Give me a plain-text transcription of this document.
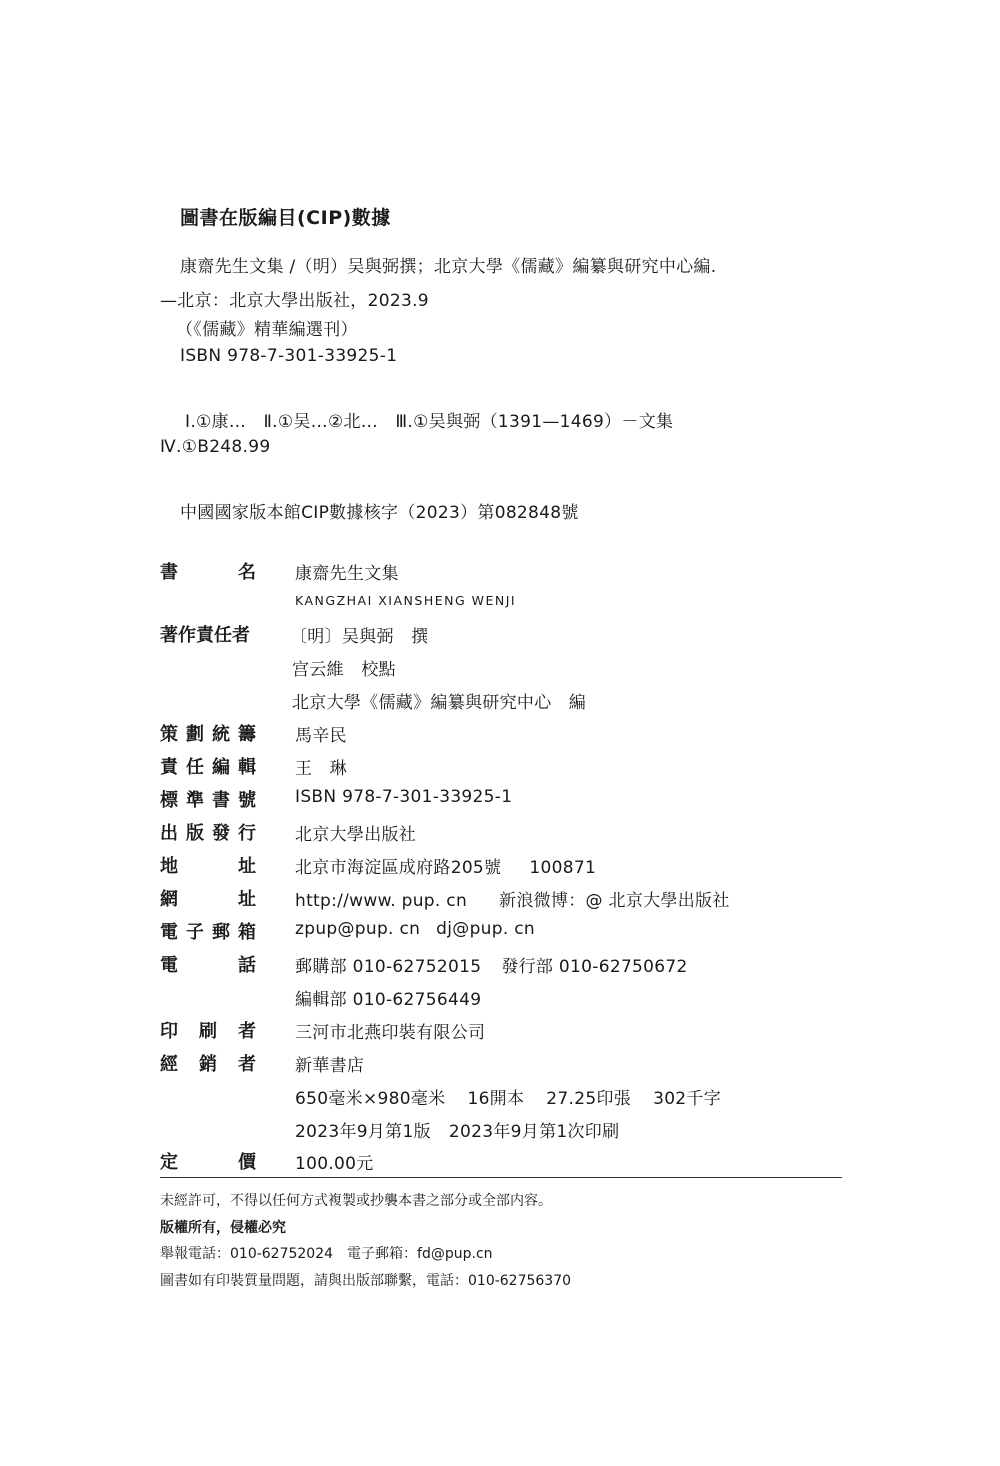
圖書在版編目(CIP)數據
康齋先生文集 /（明）吴與弼撰；北京大學《儒藏》編纂與研究中心編.
—北京：北京大學出版社，2023.9
（《儒藏》精華編選刊）
ISBN 978-7-301-33925-1
Ⅰ.①康…　Ⅱ.①吴…②北…　Ⅲ.①吴與弼（1391—1469）－文集
Ⅳ.①B248.99
中國國家版本館CIP數據核字（2023）第082848號
書	名 康齋先生文集
KANGZHAI XIANSHENG WENJI
著作責任者	〔明〕吴與弼　撰
宫云維　校點
北京大學《儒藏》編纂與研究中心　編
策 劃 統 籌 馬辛民
責 任 編 輯 王　琳
標 準 書 號 ISBN 978-7-301-33925-1
出 版 發 行 北京大學出版社
地	址 北京市海淀區成府路205號 100871
網	址 http://www. pup. cn 新浪微博：@ 北京大學出版社
電 子 郵 箱 zpup@pup. cn dj@pup. cn
電	話 郵購部 010-62752015 發行部 010-62750672
編輯部 010-62756449
印 刷 者 三河市北燕印裝有限公司
經 銷 者 新華書店
650毫米×980毫米 16開本 27.25印張 302千字
2023年9月第1版 2023年9月第1次印刷
定	價 100.00元
未經許可，不得以任何方式複製或抄襲本書之部分或全部内容。
版權所有，侵權必究
舉報電話：010-62752024　電子郵箱：fd@pup.cn
圖書如有印裝質量問題，請與出版部聯繫，電話：010-62756370
